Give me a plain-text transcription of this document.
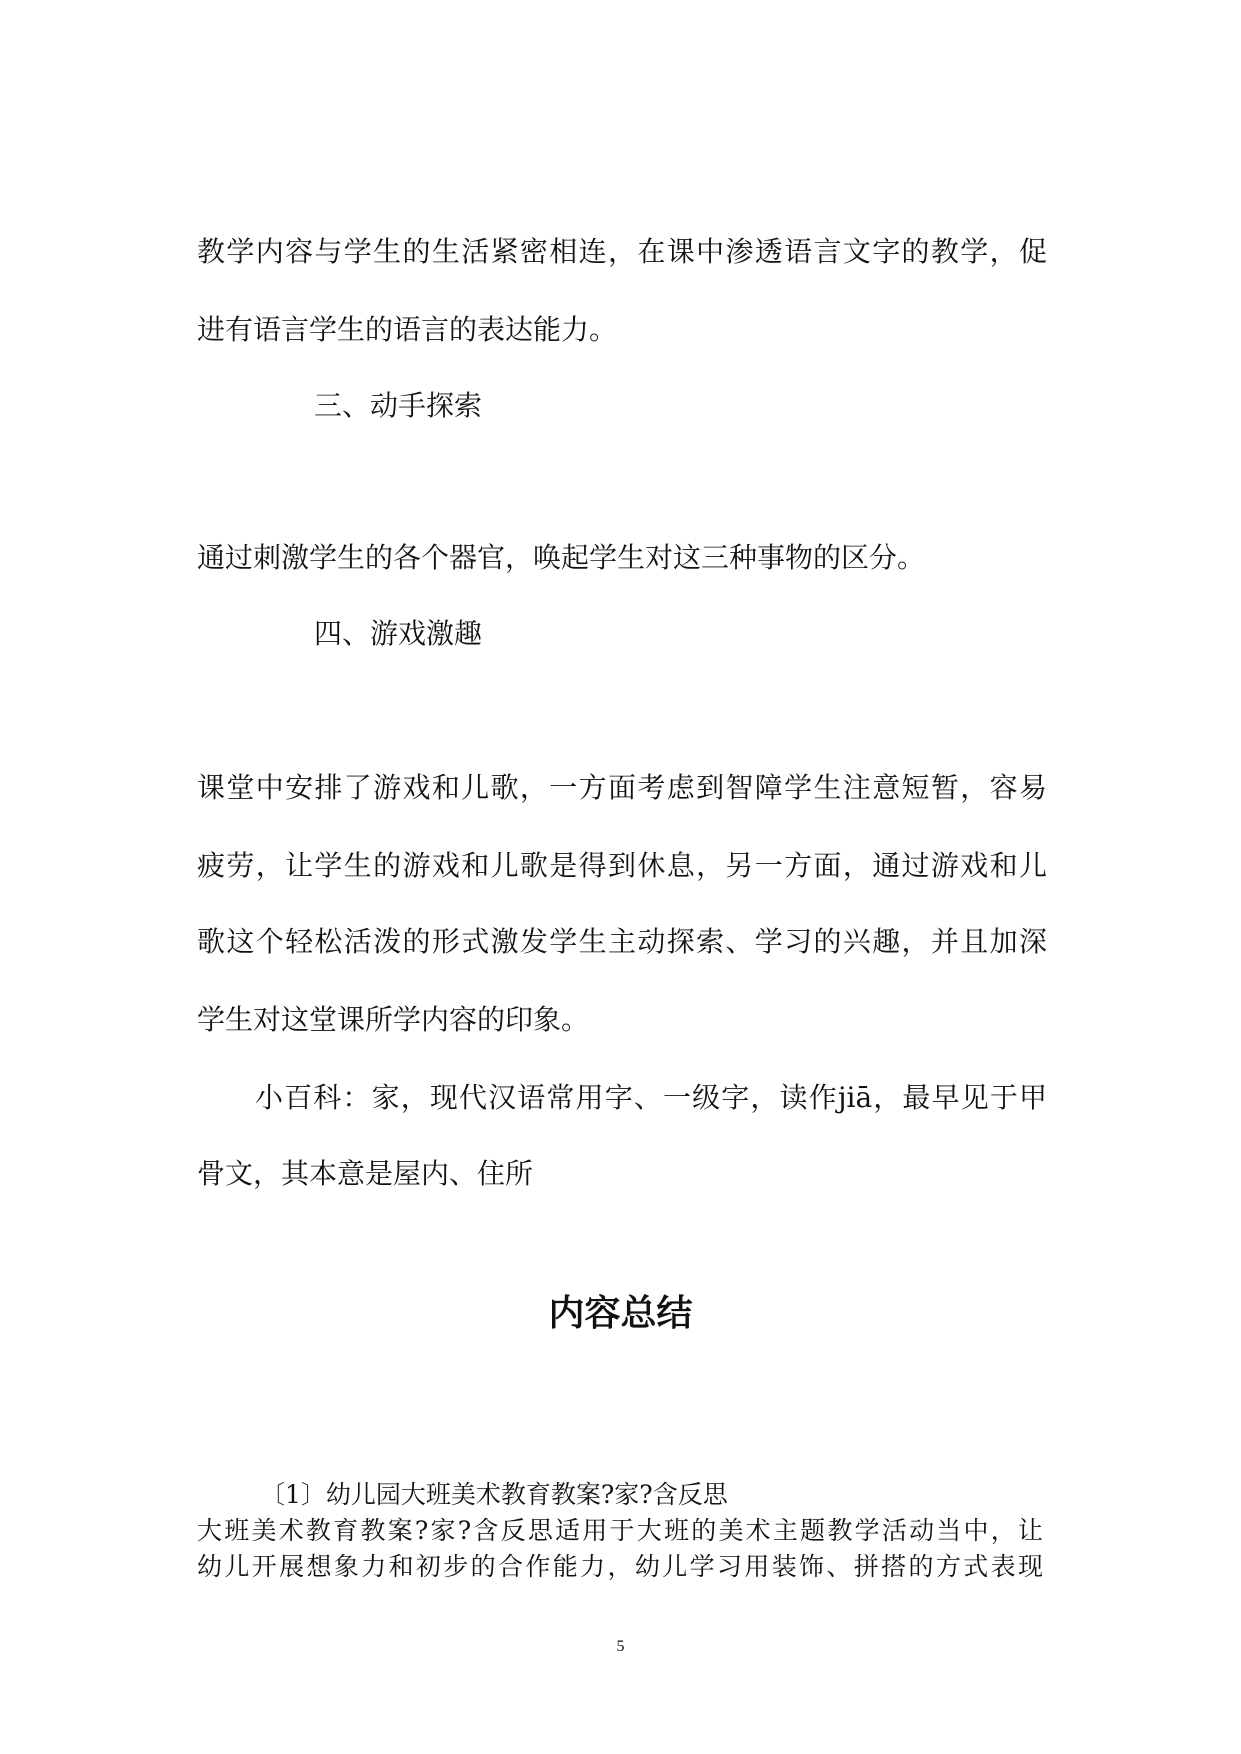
教学内容与学生的生活紧密相连，在课中渗透语言文字的教学，促

进有语言学生的语言的表达能力。

三、动手探索

通过刺激学生的各个器官，唤起学生对这三种事物的区分。

四、游戏激趣

课堂中安排了游戏和儿歌，一方面考虑到智障学生注意短暂，容易

疲劳，让学生的游戏和儿歌是得到休息，另一方面，通过游戏和儿

歌这个轻松活泼的形式激发学生主动探索、学习的兴趣，并且加深

学生对这堂课所学内容的印象。

小百科：家，现代汉语常用字、一级字，读作jiā，最早见于甲

骨文，其本意是屋内、住所

内容总结

〔1〕幼儿园大班美术教育教案?家?含反思

大班美术教育教案?家?含反思适用于大班的美术主题教学活动当中，让

幼儿开展想象力和初步的合作能力，幼儿学习用装饰、拼搭的方式表现

5
